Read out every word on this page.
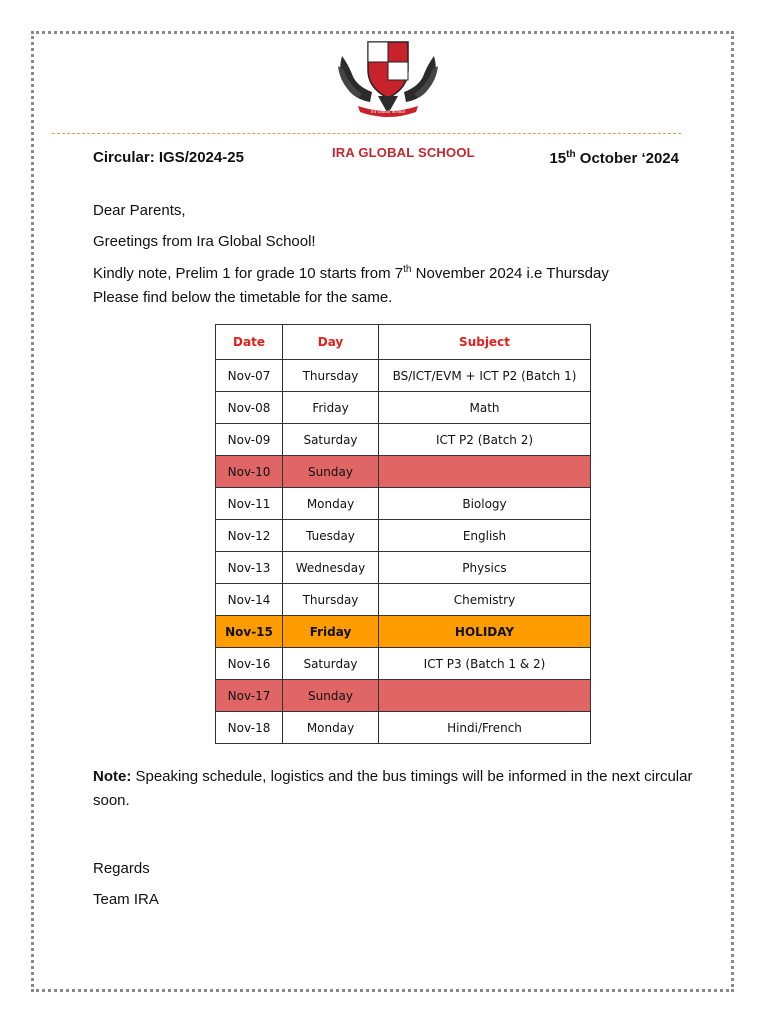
Ira Global School
IRA GLOBAL SCHOOL
Circular: IGS/2024-25	15th October ‘2024
Dear Parents,
Greetings from Ira Global School!
Kindly note, Prelim 1 for grade 10 starts from 7th November 2024 i.e Thursday
Please find below the timetable for the same.
Date	Day	Subject
Nov-07	Thursday	BS/ICT/EVM + ICT P2 (Batch 1)
Nov-08	Friday	Math
Nov-09	Saturday	ICT P2 (Batch 2)
Nov-10	Sunday	
Nov-11	Monday	Biology
Nov-12	Tuesday	English
Nov-13	Wednesday	Physics
Nov-14	Thursday	Chemistry
Nov-15	Friday	HOLIDAY
Nov-16	Saturday	ICT P3 (Batch 1 & 2)
Nov-17	Sunday	
Nov-18	Monday	Hindi/French
Note: Speaking schedule, logistics and the bus timings will be informed in the next circular soon.
Regards
Team IRA
